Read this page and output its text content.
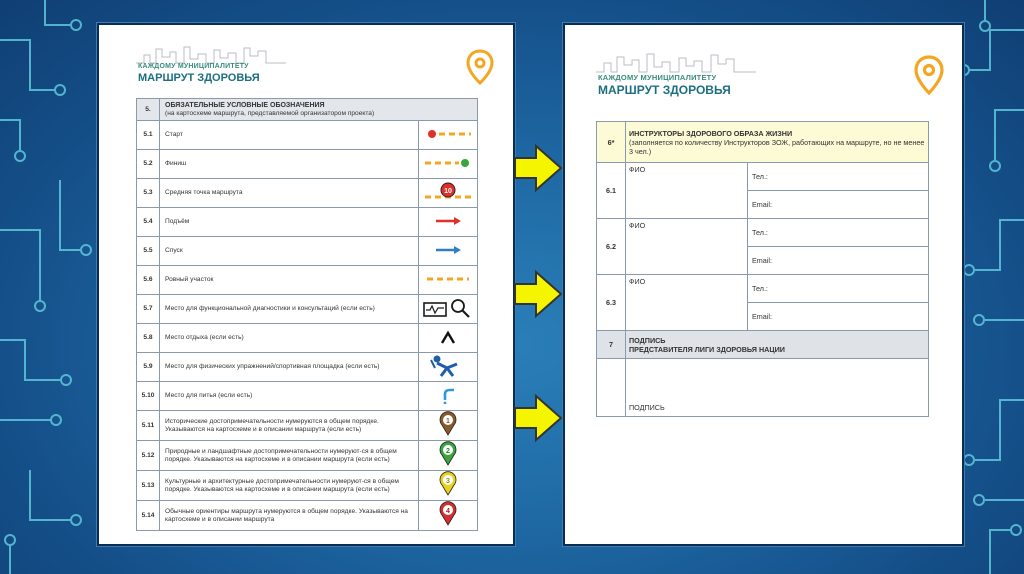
КАЖДОМУ МУНИЦИПАЛИТЕТУ
МАРШРУТ ЗДОРОВЬЯ
5.	ОБЯЗАТЕЛЬНЫЕ УСЛОВНЫЕ ОБОЗНАЧЕНИЯ
(на картосхеме маршрута, представляемой организатором проекта)	

5.1	Старт	
5.2	Финиш	
5.3	Средняя точка маршрута	10

5.4	Подъём	
5.5	Спуск	
5.6	Ровный участок	
5.7	Место для функциональной диагностики и консультаций (если есть)	
5.8	Место отдыха (если есть)	
5.9	Место для физических упражнений/спортивная площадка (если есть)	
5.10	Место для питья (если есть)	
5.11	Исторические достопримечательности нумеруются в общем порядке. Указываются на картосхеме и в описании маршрута (если есть)	1

5.12	Природные и ландшафтные достопримечательности нумеруют-ся в общем порядке. Указываются на картосхеме и в описании маршрута (если есть)	2

5.13	Культурные и архитектурные достопримечательности нумеруют-ся в общем порядке. Указываются на картосхеме и в описании маршрута (если есть)	3

5.14	Обычные ориентиры маршрута нумеруются в общем порядке. Указываются на картосхеме и в описании маршрута	4
КАЖДОМУ МУНИЦИПАЛИТЕТУ
МАРШРУТ ЗДОРОВЬЯ
6*	ИНСТРУКТОРЫ ЗДОРОВОГО ОБРАЗА ЖИЗНИ
(заполняется по количеству Инструкторов ЗОЖ, работающих на маршруте, но не менее 3 чел.)	

6.1	ФИО	Тел.:
		Email:
6.2	ФИО	Тел.:
		Email:
6.3	ФИО	Тел.:
		Email:
7	ПОДПИСЬ
ПРЕДСТАВИТЕЛЯ ЛИГИ ЗДОРОВЬЯ НАЦИИ	

	ПОДПИСЬ	
